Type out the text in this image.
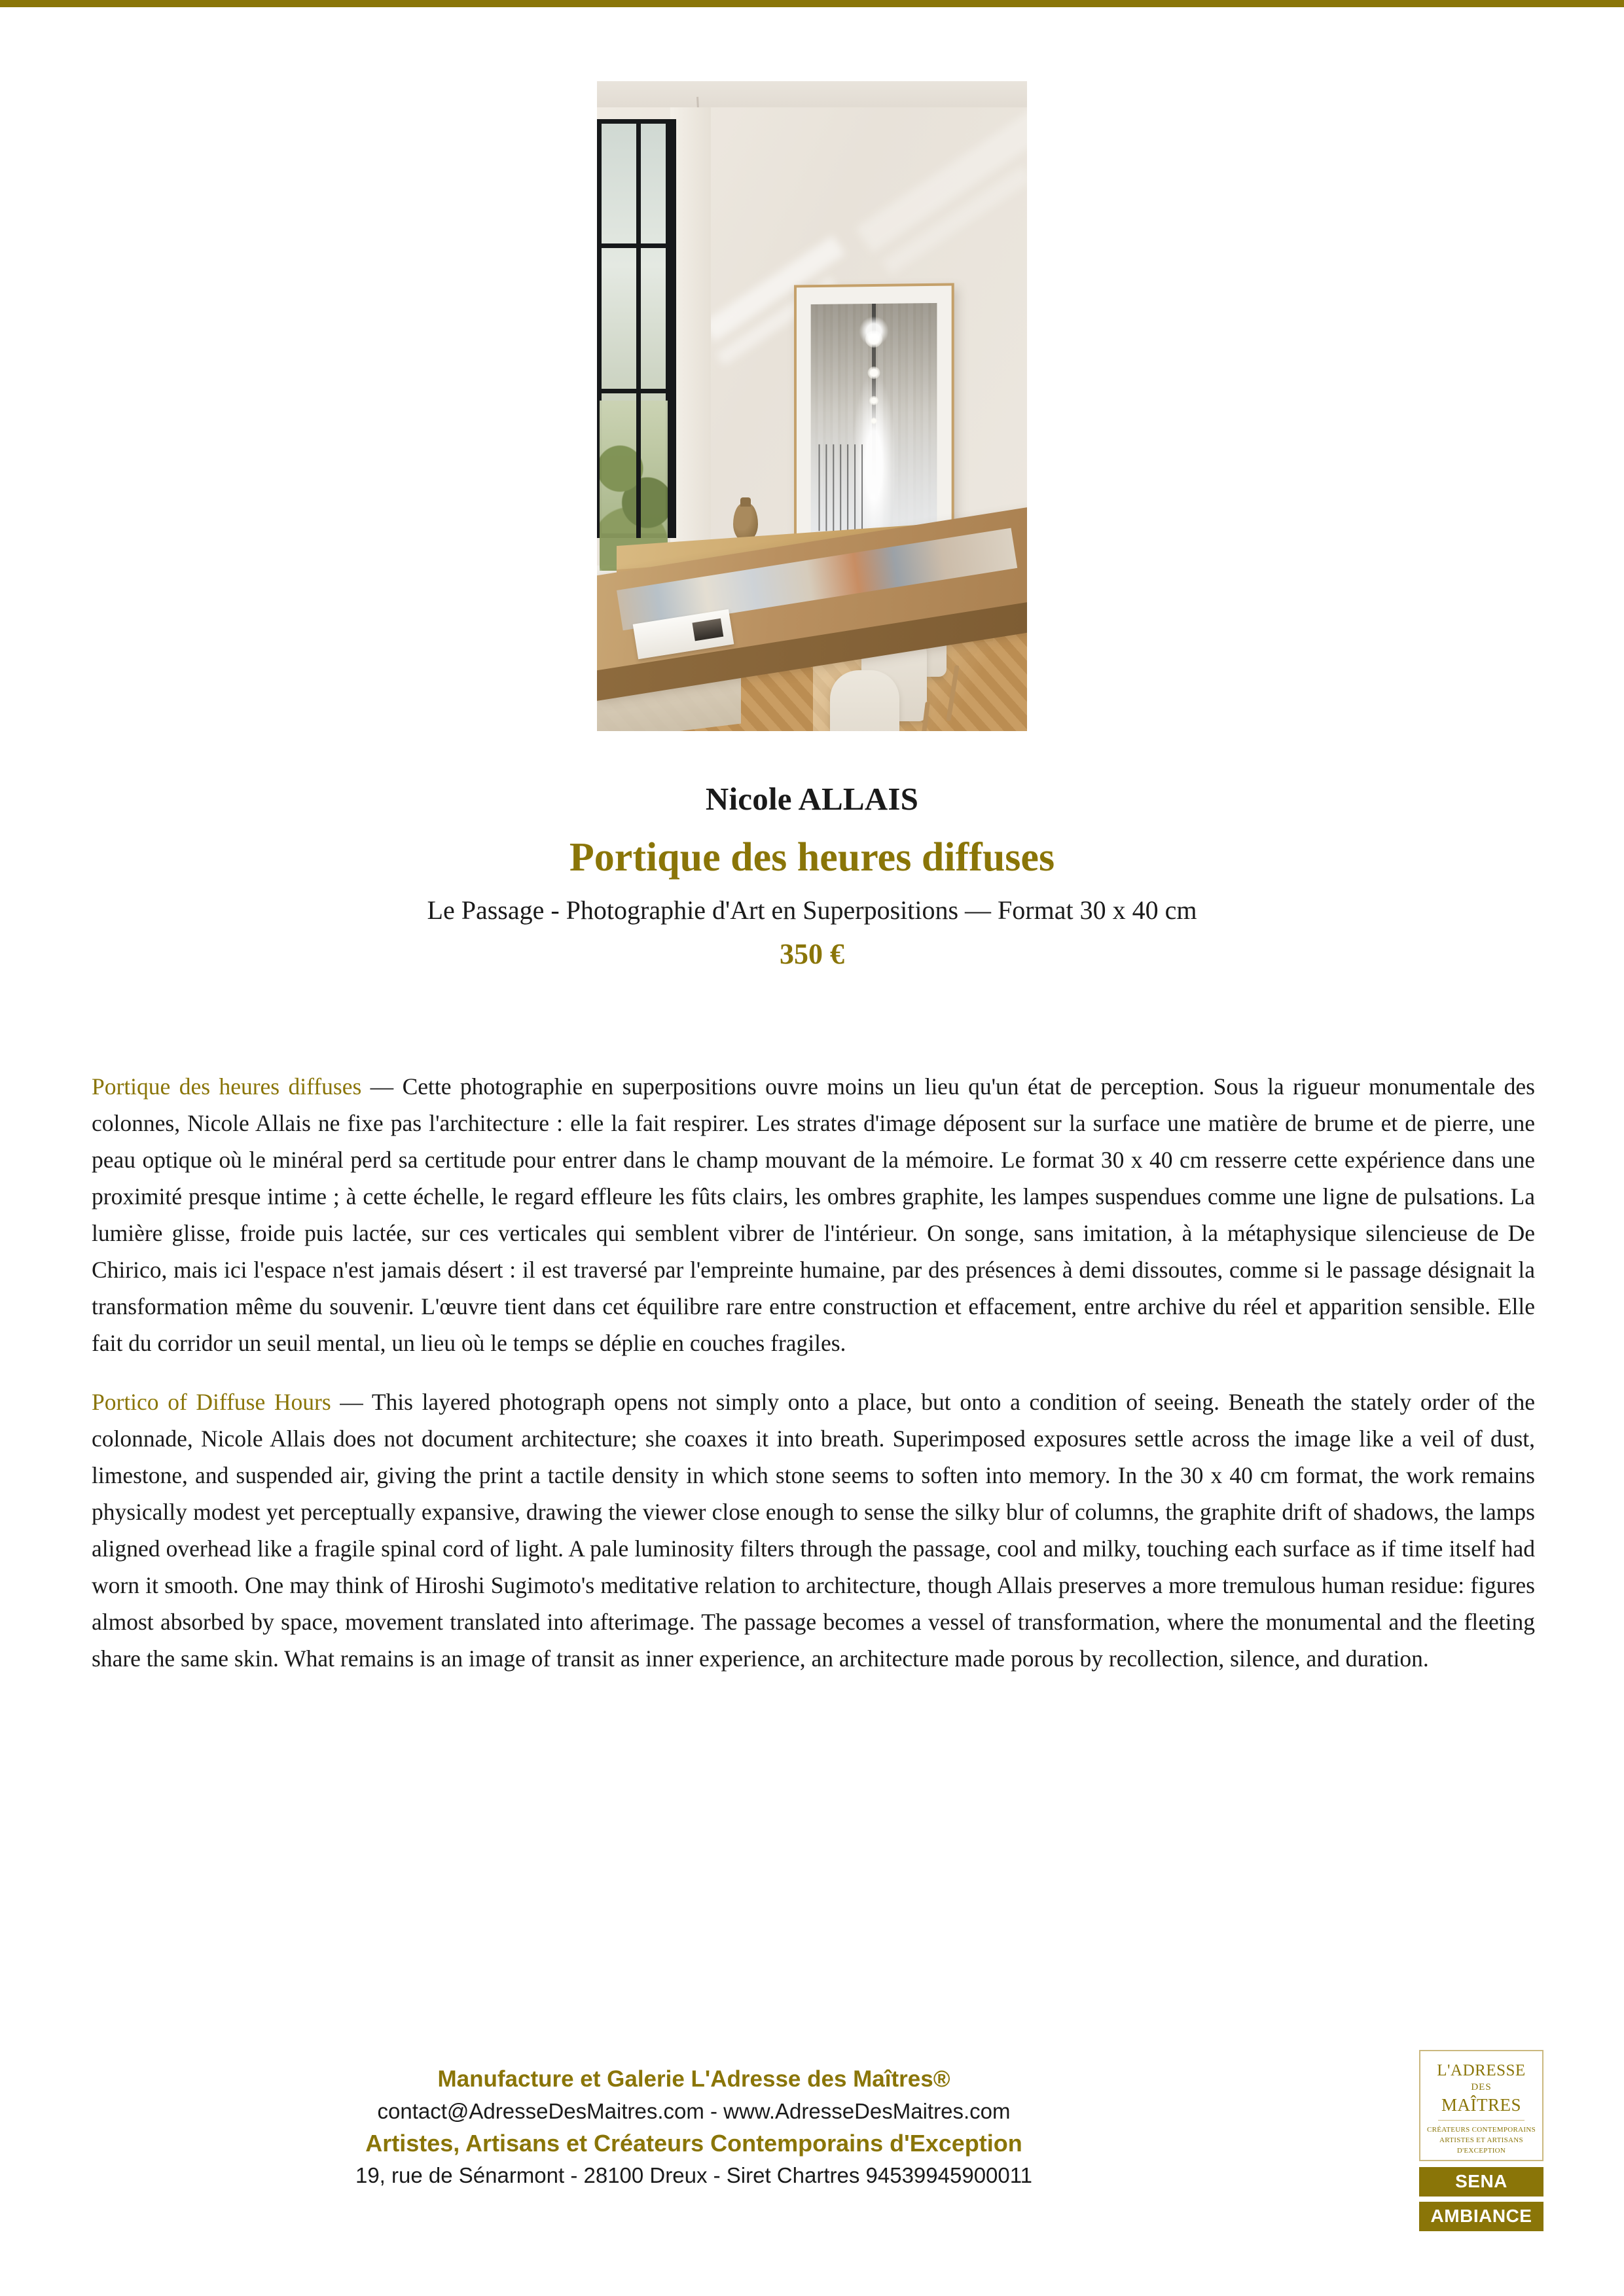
Nicole ALLAIS
Portique des heures diffuses
Le Passage - Photographie d'Art en Superpositions — Format 30 x 40 cm
350 €

Portique des heures diffuses — Cette photographie en superpositions ouvre moins un lieu qu'un état de perception. Sous la rigueur monumentale des colonnes, Nicole Allais ne fixe pas l'architecture : elle la fait respirer. Les strates d'image déposent sur la surface une matière de brume et de pierre, une peau optique où le minéral perd sa certitude pour entrer dans le champ mouvant de la mémoire. Le format 30 x 40 cm resserre cette expérience dans une proximité presque intime ; à cette échelle, le regard effleure les fûts clairs, les ombres graphite, les lampes suspendues comme une ligne de pulsations. La lumière glisse, froide puis lactée, sur ces verticales qui semblent vibrer de l'intérieur. On songe, sans imitation, à la métaphysique silencieuse de De Chirico, mais ici l'espace n'est jamais désert : il est traversé par l'empreinte humaine, par des présences à demi dissoutes, comme si le passage désignait la transformation même du souvenir. L'œuvre tient dans cet équilibre rare entre construction et effacement, entre archive du réel et apparition sensible. Elle fait du corridor un seuil mental, un lieu où le temps se déplie en couches fragiles.

Portico of Diffuse Hours — This layered photograph opens not simply onto a place, but onto a condition of seeing. Beneath the stately order of the colonnade, Nicole Allais does not document architecture; she coaxes it into breath. Superimposed exposures settle across the image like a veil of dust, limestone, and suspended air, giving the print a tactile density in which stone seems to soften into memory. In the 30 x 40 cm format, the work remains physically modest yet perceptually expansive, drawing the viewer close enough to sense the silky blur of columns, the graphite drift of shadows, the lamps aligned overhead like a fragile spinal cord of light. A pale luminosity filters through the passage, cool and milky, touching each surface as if time itself had worn it smooth. One may think of Hiroshi Sugimoto's meditative relation to architecture, though Allais preserves a more tremulous human residue: figures almost absorbed by space, movement translated into afterimage. The passage becomes a vessel of transformation, where the monumental and the fleeting share the same skin. What remains is an image of transit as inner experience, an architecture made porous by recollection, silence, and duration.

Manufacture et Galerie L'Adresse des Maîtres®
contact@AdresseDesMaitres.com - www.AdresseDesMaitres.com
Artistes, Artisans et Créateurs Contemporains d'Exception
19, rue de Sénarmont - 28100 Dreux - Siret Chartres 94539945900011
L'ADRESSE
DES
MAÎTRES
CRÉATEURS CONTEMPORAINS
ARTISTES ET ARTISANS
D'EXCEPTION
SENA
AMBIANCE
